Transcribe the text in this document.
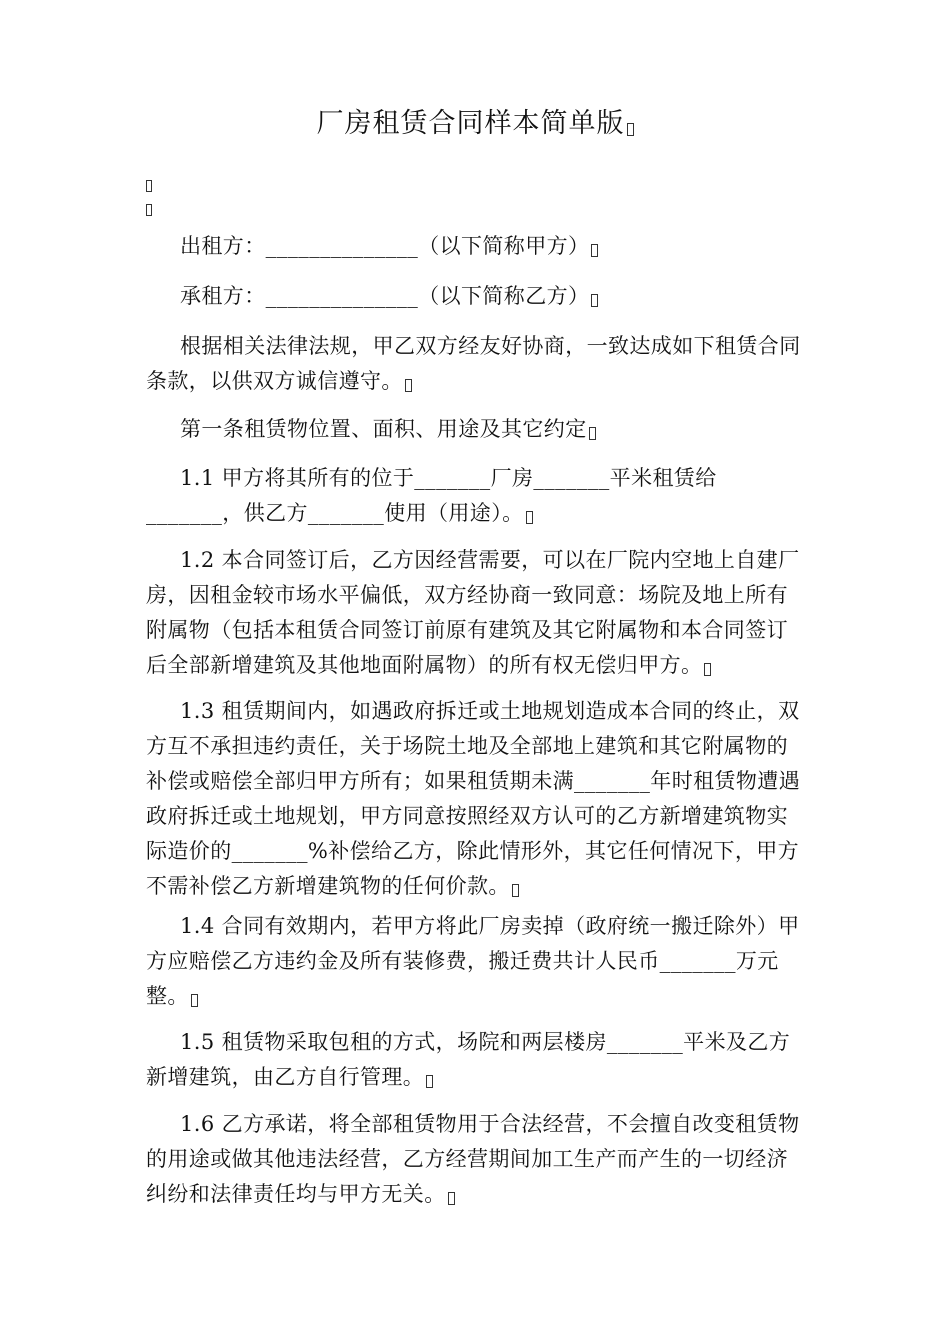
厂房租赁合同样本简单版

出租方：______________（以下简称甲方）

承租方：______________（以下简称乙方）

根据相关法律法规，甲乙双方经友好协商，一致达成如下租赁合同条款，以供双方诚信遵守。

第一条租赁物位置、面积、用途及其它约定

1.1 甲方将其所有的位于_______厂房_______平米租赁给_______，供乙方_______使用（用途）。

1.2 本合同签订后，乙方因经营需要，可以在厂院内空地上自建厂房，因租金较市场水平偏低，双方经协商一致同意：场院及地上所有附属物（包括本租赁合同签订前原有建筑及其它附属物和本合同签订后全部新增建筑及其他地面附属物）的所有权无偿归甲方。

1.3 租赁期间内，如遇政府拆迁或土地规划造成本合同的终止，双方互不承担违约责任，关于场院土地及全部地上建筑和其它附属物的补偿或赔偿全部归甲方所有；如果租赁期未满_______年时租赁物遭遇政府拆迁或土地规划，甲方同意按照经双方认可的乙方新增建筑物实际造价的_______%补偿给乙方，除此情形外，其它任何情况下，甲方不需补偿乙方新增建筑物的任何价款。

1.4 合同有效期内，若甲方将此厂房卖掉（政府统一搬迁除外）甲方应赔偿乙方违约金及所有装修费，搬迁费共计人民币_______万元整。

1.5 租赁物采取包租的方式，场院和两层楼房_______平米及乙方新增建筑，由乙方自行管理。

1.6 乙方承诺，将全部租赁物用于合法经营，不会擅自改变租赁物的用途或做其他违法经营，乙方经营期间加工生产而产生的一切经济纠纷和法律责任均与甲方无关。
